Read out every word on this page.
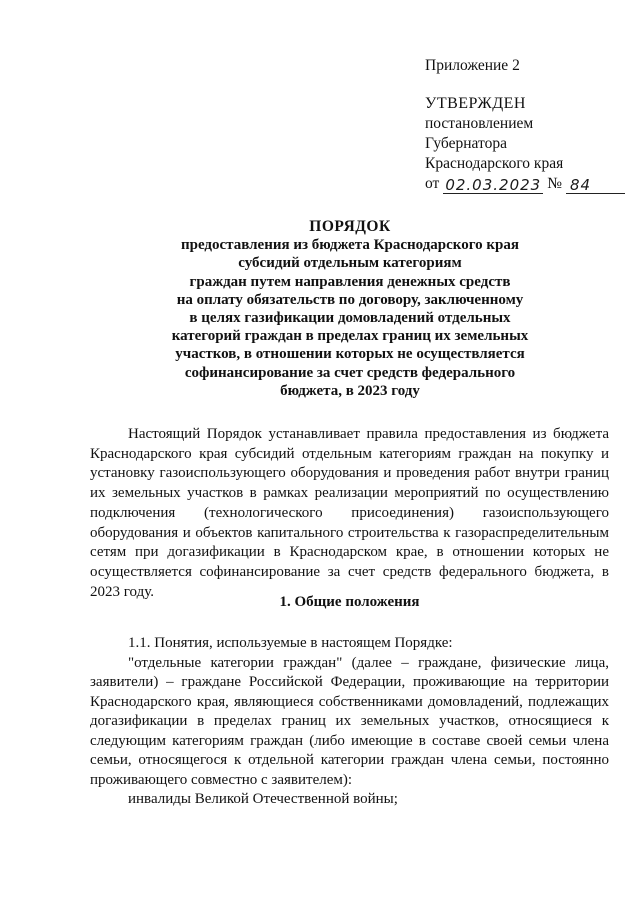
Приложение 2
УТВЕРЖДЕН
постановлением
Губернатора
Краснодарского края
от 02.03.2023 № 84
ПОРЯДОК
предоставления из бюджета Краснодарского края
субсидий отдельным категориям
граждан путем направления денежных средств
на оплату обязательств по договору, заключенному
в целях газификации домовладений отдельных
категорий граждан в пределах границ их земельных
участков, в отношении которых не осуществляется
софинансирование за счет средств федерального
бюджета, в 2023 году

Настоящий Порядок устанавливает правила предоставления из бюджета Краснодарского края субсидий отдельным категориям граждан на покупку и установку газоиспользующего оборудования и проведения работ внутри границ их земельных участков в рамках реализации мероприятий по осуществлению подключения (технологического присоединения) газоиспользующего оборудования и объектов капитального строительства к газораспределительным сетям при догазификации в Краснодарском крае, в отношении которых не осуществляется софинансирование за счет средств федерального бюджета, в 2023 году.

1. Общие положения

1.1. Понятия, используемые в настоящем Порядке:

"отдельные категории граждан" (далее – граждане, физические лица, заявители) – граждане Российской Федерации, проживающие на территории Краснодарского края, являющиеся собственниками домовладений, подлежащих догазификации в пределах границ их земельных участков, относящиеся к следующим категориям граждан (либо имеющие в составе своей семьи члена семьи, относящегося к отдельной категории граждан члена семьи, постоянно проживающего совместно с заявителем):

инвалиды Великой Отечественной войны;
